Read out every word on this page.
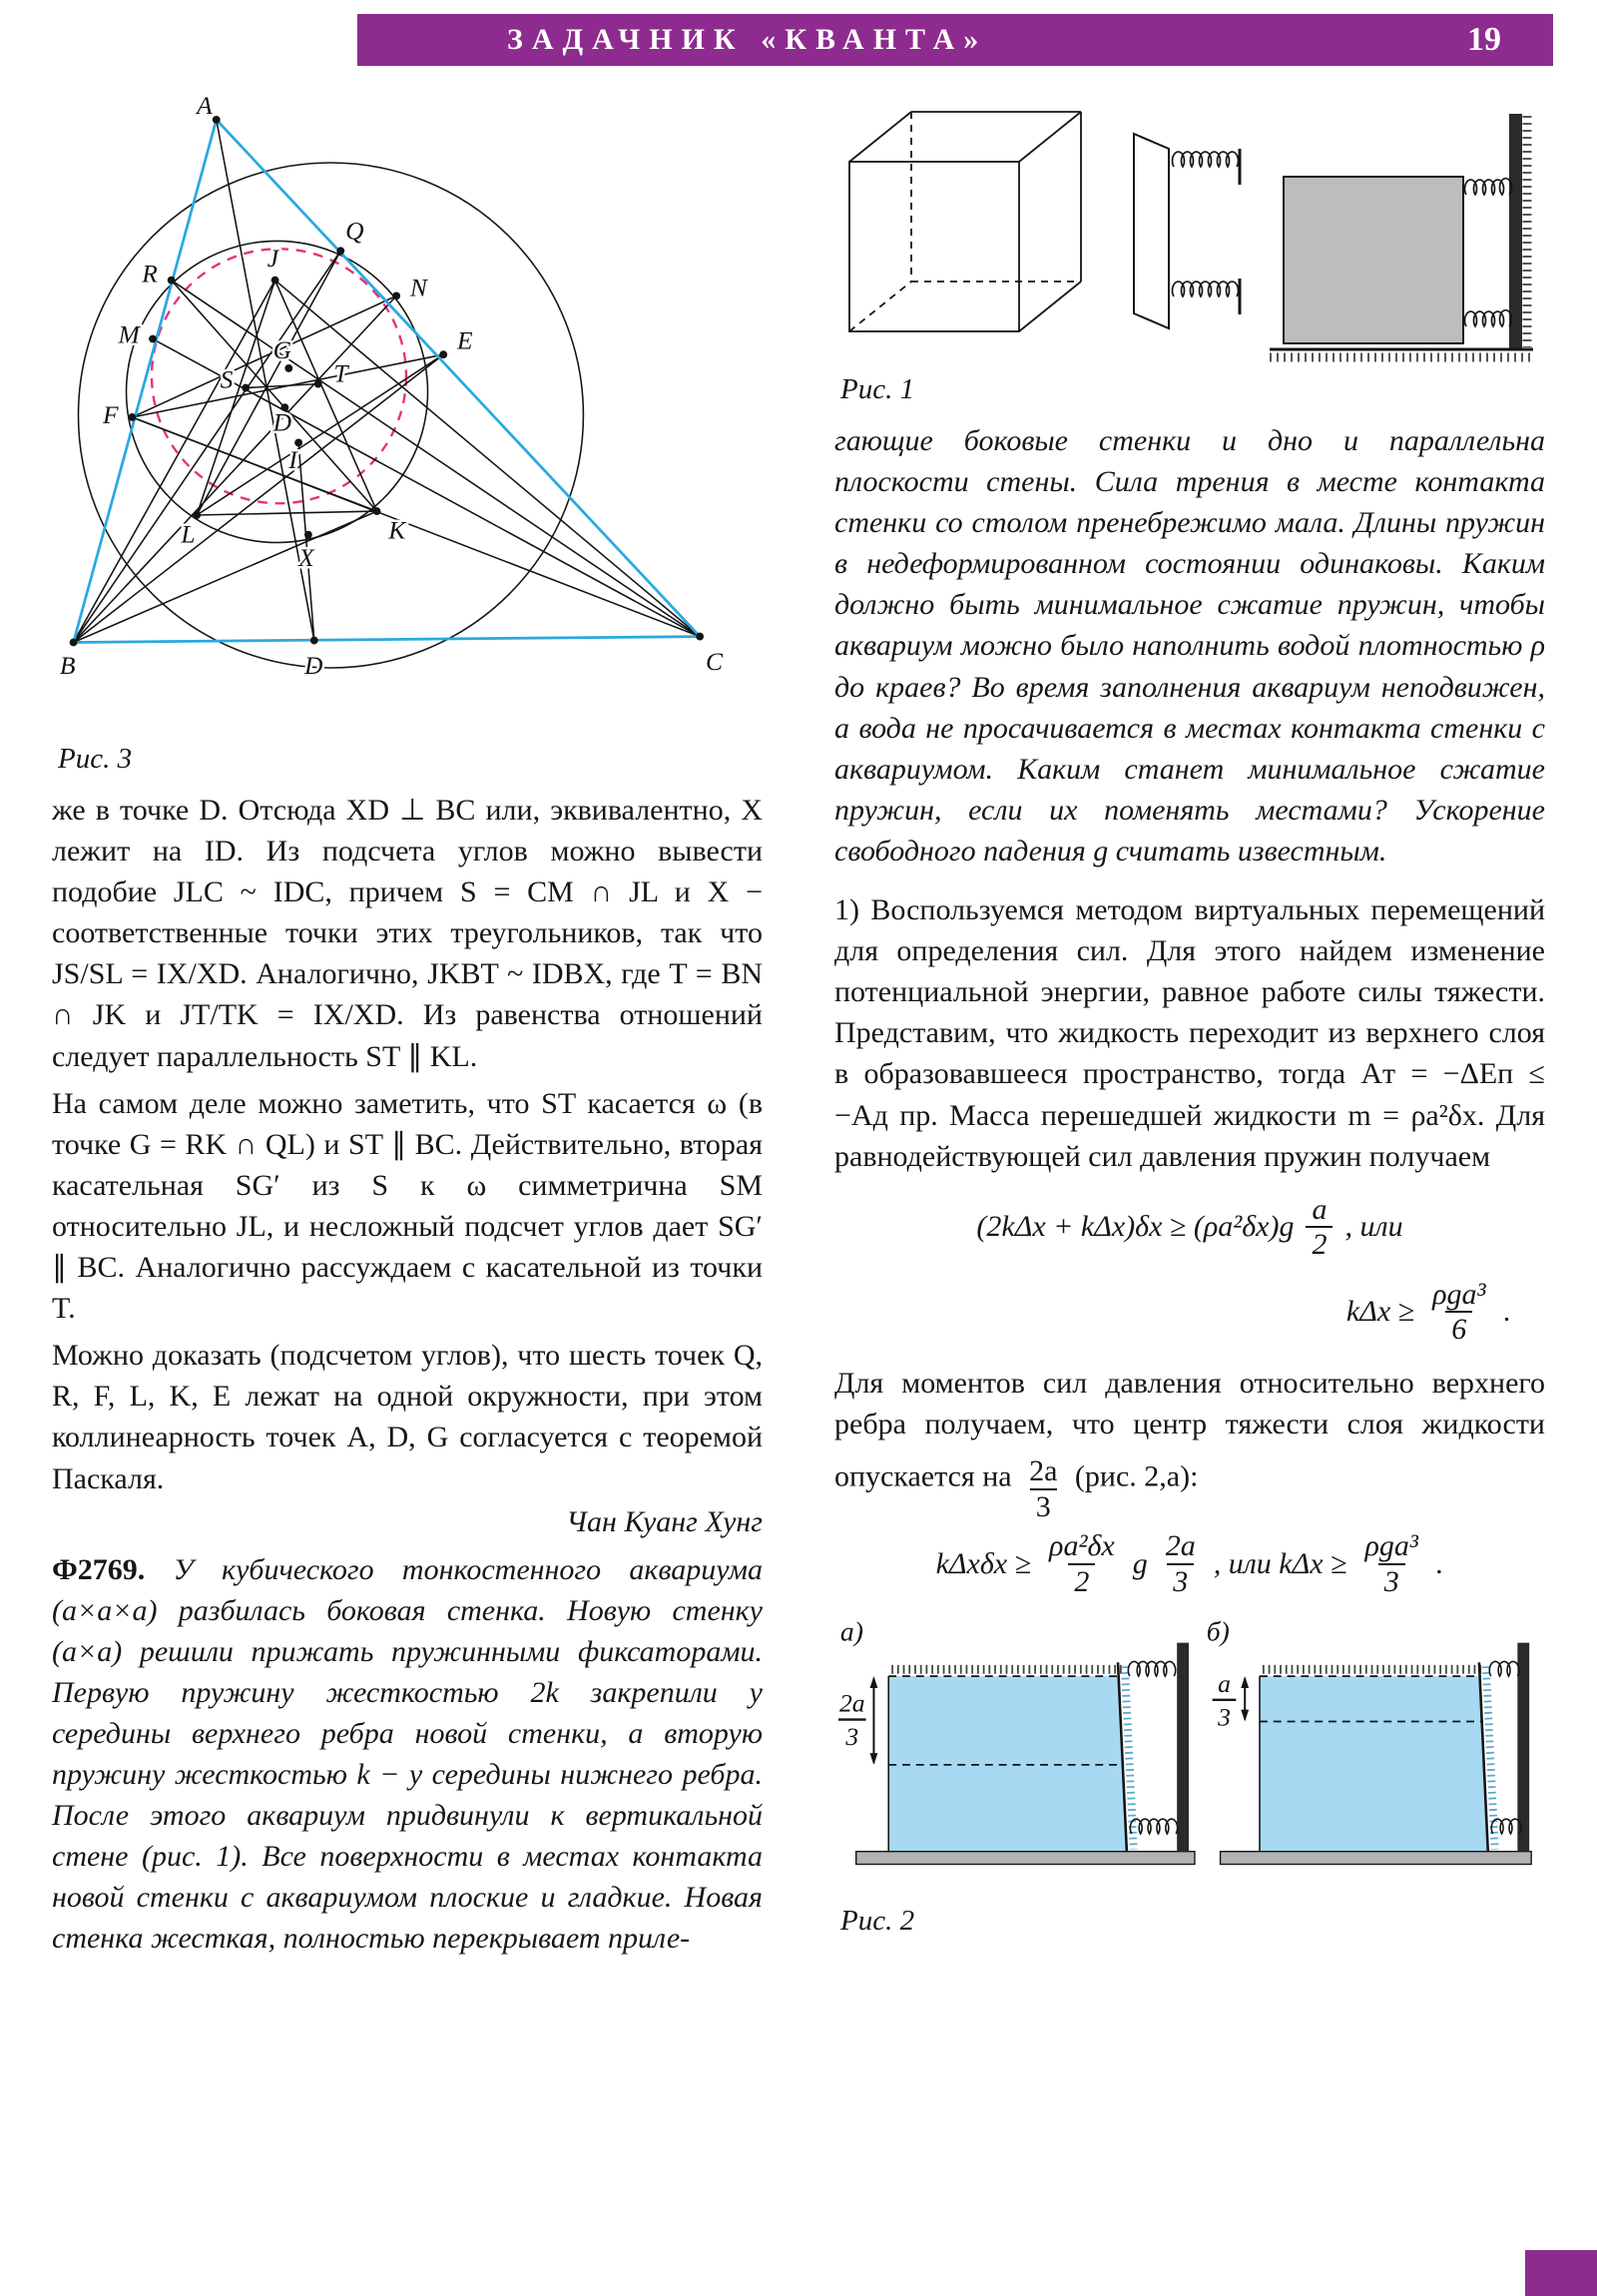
ЗАДАЧНИК «КВАНТА»	19
A
B	C
D
Q
E
N
R
M
F
J
G
T
S
D
I
L	K
X
Рис. 3

же в точке D. Отсюда XD ⊥ BC или, эквивалентно, X лежит на ID. Из подсчета углов можно вывести подобие JLC ~ IDC, причем S = CM ∩ JL и X − соответственные точки этих треугольников, так что JS/SL = IX/XD. Аналогично, JKBT ~ IDBX, где T = BN ∩ JK и JT/TK = IX/XD. Из равенства отношений следует параллельность ST ∥ KL.

На самом деле можно заметить, что ST касается ω (в точке G = RK ∩ QL) и ST ∥ BC. Действительно, вторая касательная SG′ из S к ω симметрична SM относительно JL, и несложный подсчет углов дает SG′ ∥ BC. Аналогично рассуждаем с касательной из точки T.

Можно доказать (подсчетом углов), что шесть точек Q, R, F, L, K, E лежат на одной окружности, при этом коллинеарность точек A, D, G согласуется с теоремой Паскаля.

Чан Куанг Хунг

Ф2769. У кубического тонкостенного аквариума (a×a×a) разбилась боковая стенка. Новую стенку (a×a) решили прижать пружинными фиксаторами. Первую пружину жесткостью 2k закрепили у середины верхнего ребра новой стенки, а вторую пружину жесткостью k − у середины нижнего ребра. После этого аквариум придвинули к вертикальной стене (рис. 1). Все поверхности в местах контакта новой стенки с аквариумом плоские и гладкие. Новая стенка жесткая, полностью перекрывает приле-

Рис. 1

гающие боковые стенки и дно и параллельна плоскости стены. Сила трения в месте контакта стенки со столом пренебрежимо мала. Длины пружин в недеформированном состоянии одинаковы. Каким должно быть минимальное сжатие пружин, чтобы аквариум можно было наполнить водой плотностью ρ до краев? Во время заполнения аквариум неподвижен, а вода не просачивается в местах контакта стенки с аквариумом. Каким станет минимальное сжатие пружин, если их поменять местами? Ускорение свободного падения g считать известным.

1) Воспользуемся методом виртуальных перемещений для определения сил. Для этого найдем изменение потенциальной энергии, равное работе силы тяжести. Представим, что жидкость переходит из верхнего слоя в образовавшееся пространство, тогда Aт = −ΔEп ≤ −Aд пр. Масса перешедшей жидкости m = ρa²δx. Для равнодействующей сил давления пружин получаем

$(2k\Delta x + k\Delta x)\delta x \ge (\rho a^2\delta x)g \frac{a}{2}$ , или
$k\Delta x \ge \frac{\text{ρga³}}{6}$ .

Для моментов сил давления относительно верхнего ребра получаем, что центр тяжести слоя жидкости опускается на $\frac{2a}{3} (рис$. 2,а):

$k\Delta x\delta x \ge \frac{\text{ρa²δx}}{2}$ g $\frac{2a}{3}$ , или $k\Delta x \ge \frac{\text{ρga³}}{3}$ .
а)
2a
3
б)
a
3
Рис. 2
